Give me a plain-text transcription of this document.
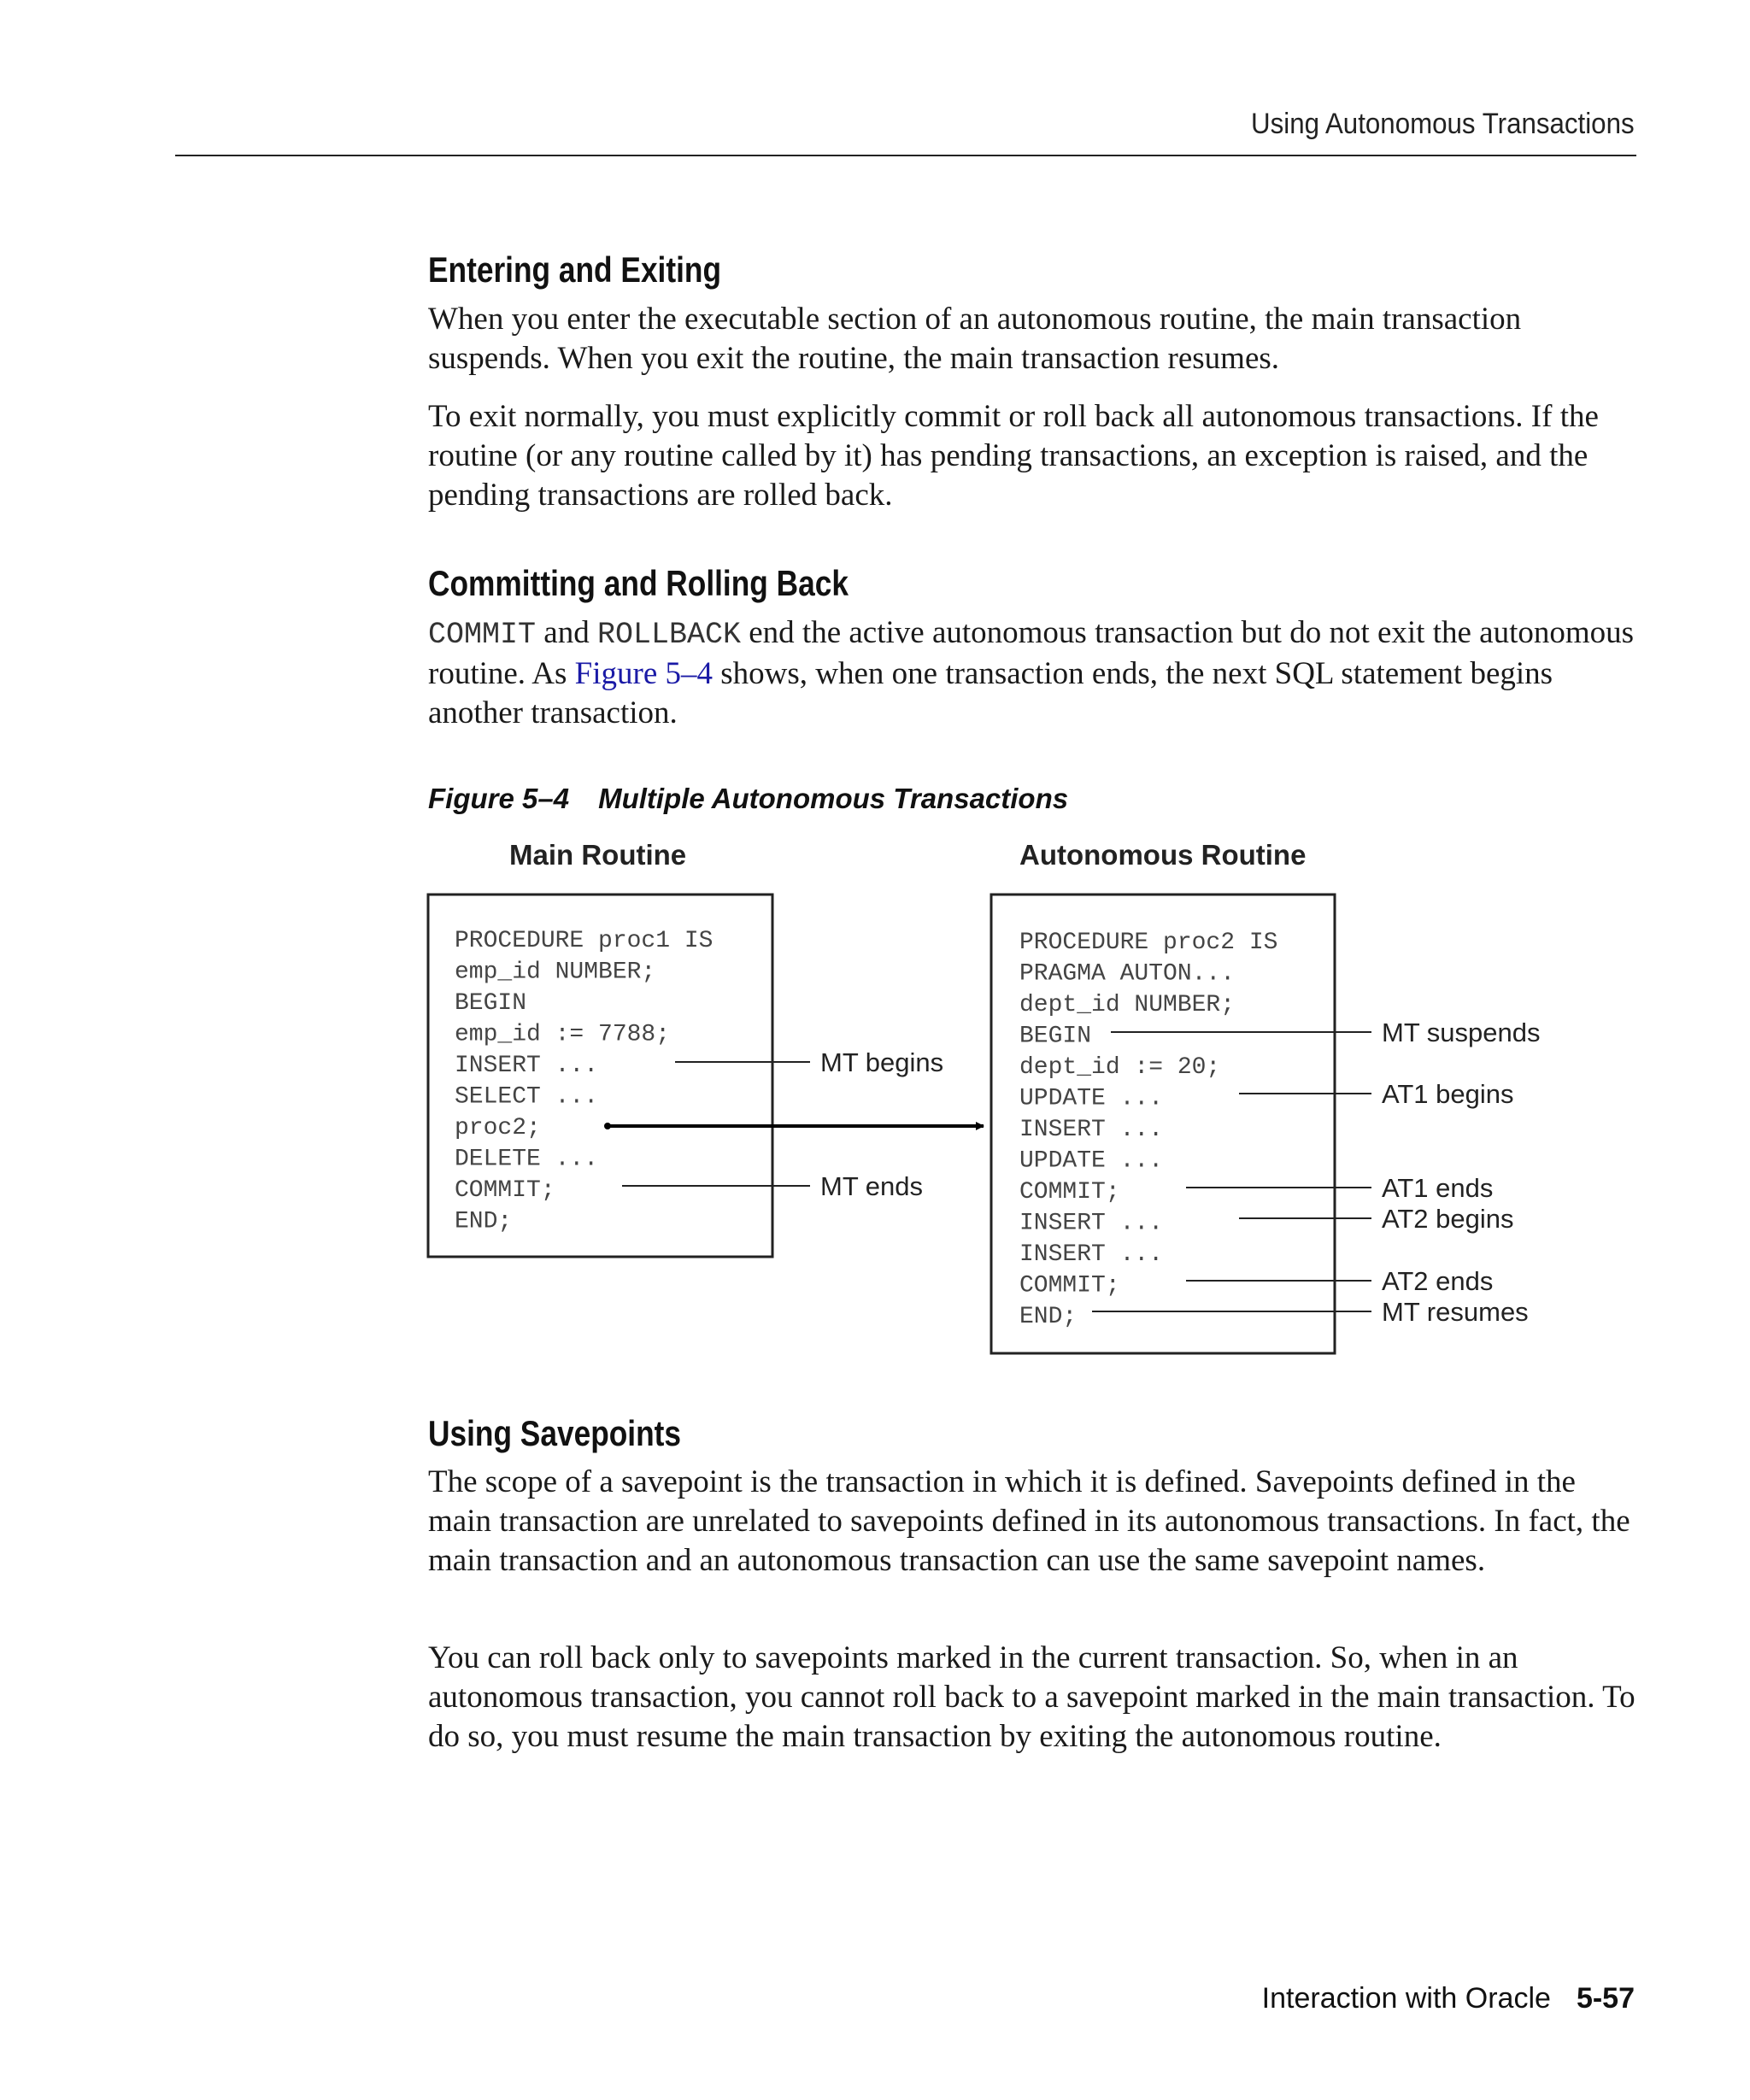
Using Autonomous Transactions
Entering and Exiting

When you enter the executable section of an autonomous routine, the main transaction suspends. When you exit the routine, the main transaction resumes.

To exit normally, you must explicitly commit or roll back all autonomous transactions. If the routine (or any routine called by it) has pending transactions, an exception is raised, and the pending transactions are rolled back.

Committing and Rolling Back

COMMIT and ROLLBACK end the active autonomous transaction but do not exit the autonomous routine. As Figure 5–4 shows, when one transaction ends, the next SQL statement begins another transaction.

Figure 5–4 Multiple Autonomous Transactions
Using Savepoints

The scope of a savepoint is the transaction in which it is defined. Savepoints defined in the main transaction are unrelated to savepoints defined in its autonomous transactions. In fact, the main transaction and an autonomous transaction can use the same savepoint names.

You can roll back only to savepoints marked in the current transaction. So, when in an autonomous transaction, you cannot roll back to a savepoint marked in the main transaction. To do so, you must resume the main transaction by exiting the autonomous routine.

Main Routine	Autonomous Routine
PROCEDURE proc1 IS
emp_id NUMBER;
BEGIN
emp_id := 7788;
INSERT ...
SELECT ...
proc2;
DELETE ...
COMMIT;
END;
PROCEDURE proc2 IS
PRAGMA AUTON...
dept_id NUMBER;
BEGIN
dept_id := 20;
UPDATE ...
INSERT ...
UPDATE ...
COMMIT;
INSERT ...
INSERT ...
COMMIT;
END;
MT begins
MT ends
MT suspends
AT1 begins
AT1 ends
AT2 begins
AT2 ends
MT resumes
Interaction with Oracle 5-57
